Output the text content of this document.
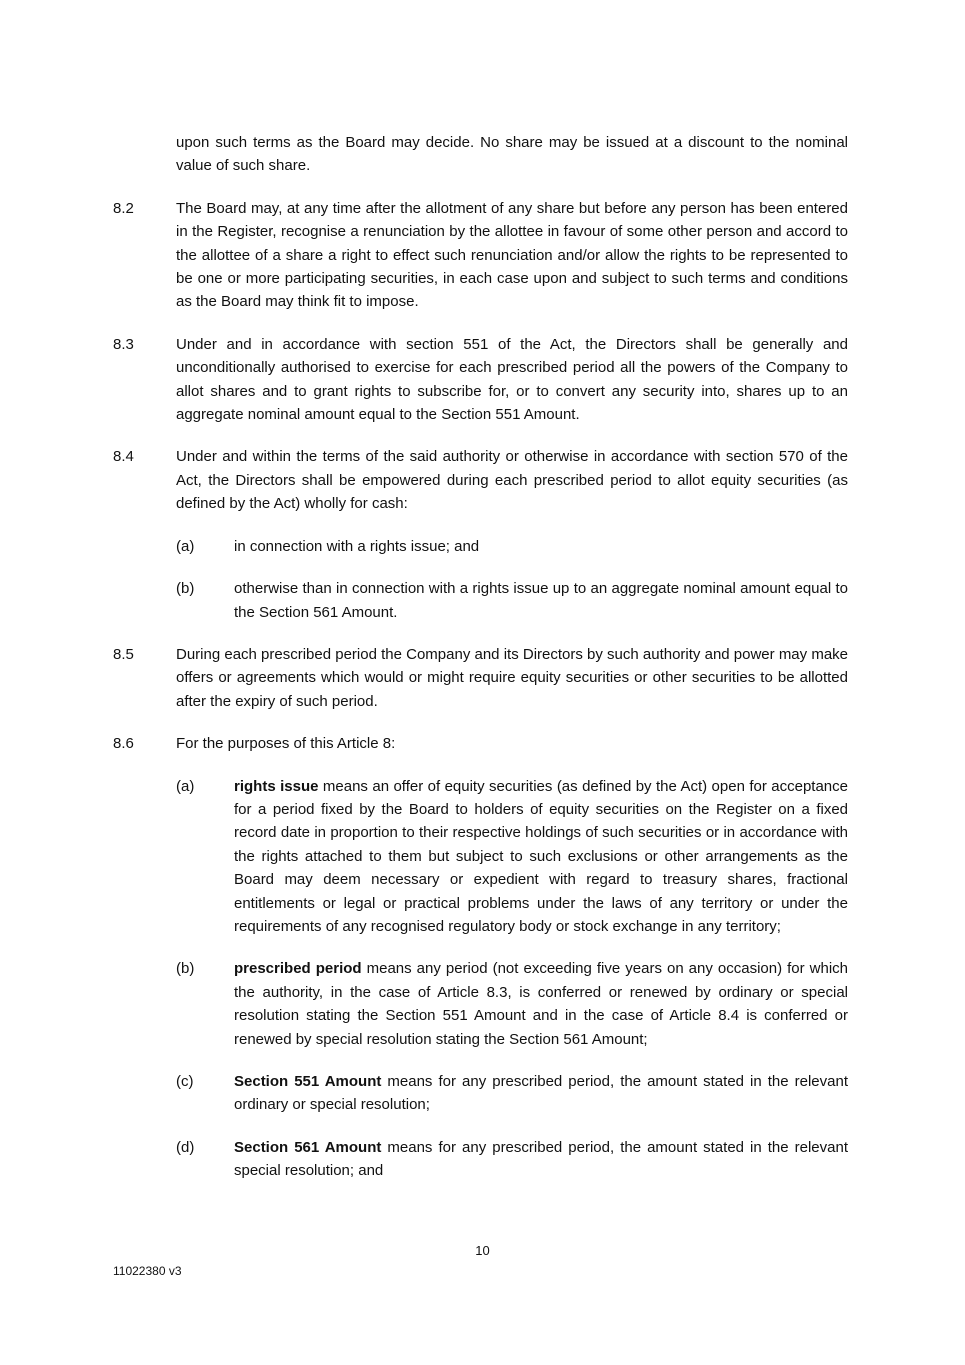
upon such terms as the Board may decide. No share may be issued at a discount to the nominal value of such share.

8.2	The Board may, at any time after the allotment of any share but before any person has been entered in the Register, recognise a renunciation by the allottee in favour of some other person and accord to the allottee of a share a right to effect such renunciation and/or allow the rights to be represented to be one or more participating securities, in each case upon and subject to such terms and conditions as the Board may think fit to impose.
8.3	Under and in accordance with section 551 of the Act, the Directors shall be generally and unconditionally authorised to exercise for each prescribed period all the powers of the Company to allot shares and to grant rights to subscribe for, or to convert any security into, shares up to an aggregate nominal amount equal to the Section 551 Amount.
8.4	Under and within the terms of the said authority or otherwise in accordance with section 570 of the Act, the Directors shall be empowered during each prescribed period to allot equity securities (as defined by the Act) wholly for cash:
(a)	in connection with a rights issue; and
(b)	otherwise than in connection with a rights issue up to an aggregate nominal amount equal to the Section 561 Amount.
8.5	During each prescribed period the Company and its Directors by such authority and power may make offers or agreements which would or might require equity securities or other securities to be allotted after the expiry of such period.
8.6	For the purposes of this Article 8:
(a)	rights issue means an offer of equity securities (as defined by the Act) open for acceptance for a period fixed by the Board to holders of equity securities on the Register on a fixed record date in proportion to their respective holdings of such securities or in accordance with the rights attached to them but subject to such exclusions or other arrangements as the Board may deem necessary or expedient with regard to treasury shares, fractional entitlements or legal or practical problems under the laws of any territory or under the requirements of any recognised regulatory body or stock exchange in any territory;
(b)	prescribed period means any period (not exceeding five years on any occasion) for which the authority, in the case of Article 8.3, is conferred or renewed by ordinary or special resolution stating the Section 551 Amount and in the case of Article 8.4 is conferred or renewed by special resolution stating the Section 561 Amount;
(c)	Section 551 Amount means for any prescribed period, the amount stated in the relevant ordinary or special resolution;
(d)	Section 561 Amount means for any prescribed period, the amount stated in the relevant special resolution; and
10
11022380 v3
